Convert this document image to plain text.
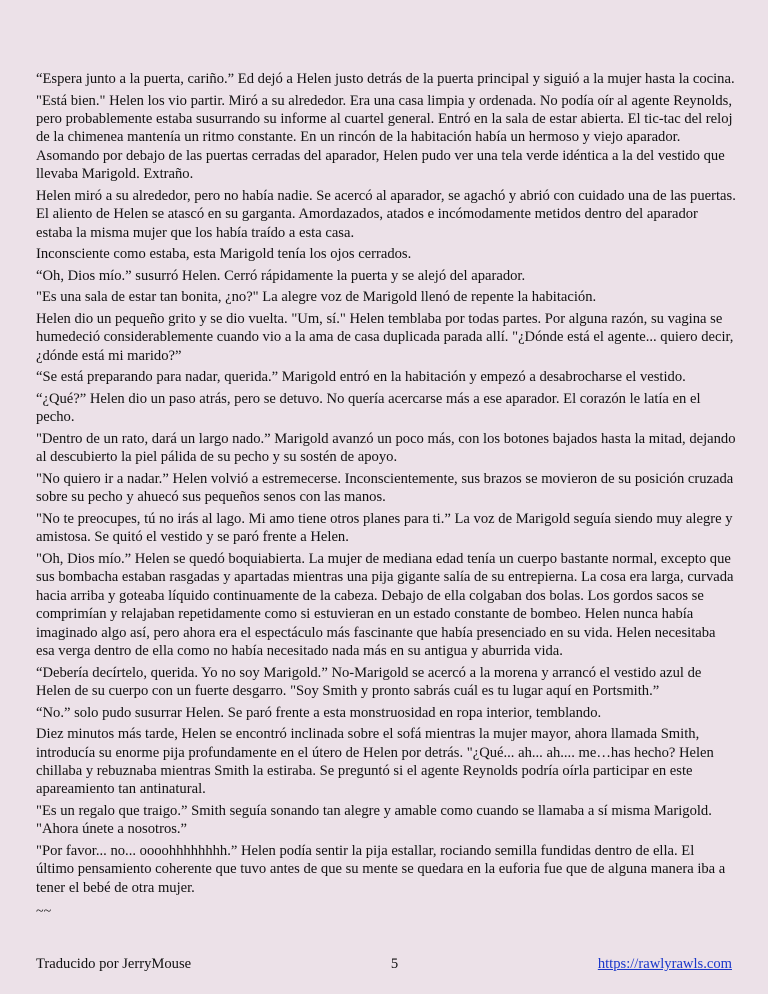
“Espera junto a la puerta, cariño.” Ed dejó a Helen justo detrás de la puerta principal y siguió a la mujer hasta la cocina.

"Está bien." Helen los vio partir. Miró a su alrededor. Era una casa limpia y ordenada. No podía oír al agente Reynolds, pero probablemente estaba susurrando su informe al cuartel general. Entró en la sala de estar abierta. El tic-tac del reloj de la chimenea mantenía un ritmo constante. En un rincón de la habitación había un hermoso y viejo aparador. Asomando por debajo de las puertas cerradas del aparador, Helen pudo ver una tela verde idéntica a la del vestido que llevaba Marigold. Extraño.

Helen miró a su alrededor, pero no había nadie. Se acercó al aparador, se agachó y abrió con cuidado una de las puertas. El aliento de Helen se atascó en su garganta. Amordazados, atados e incómodamente metidos dentro del aparador estaba la misma mujer que los había traído a esta casa.

Inconsciente como estaba, esta Marigold tenía los ojos cerrados.

“Oh, Dios mío.” susurró Helen. Cerró rápidamente la puerta y se alejó del aparador.

"Es una sala de estar tan bonita, ¿no?" La alegre voz de Marigold llenó de repente la habitación.

Helen dio un pequeño grito y se dio vuelta. "Um, sí." Helen temblaba por todas partes. Por alguna razón, su vagina se humedeció considerablemente cuando vio a la ama de casa duplicada parada allí. "¿Dónde está el agente... quiero decir, ¿dónde está mi marido?”

“Se está preparando para nadar, querida.” Marigold entró en la habitación y empezó a desabrocharse el vestido.

“¿Qué?” Helen dio un paso atrás, pero se detuvo. No quería acercarse más a ese aparador. El corazón le latía en el pecho.

"Dentro de un rato, dará un largo nado.” Marigold avanzó un poco más, con los botones bajados hasta la mitad, dejando al descubierto la piel pálida de su pecho y su sostén de apoyo.

"No quiero ir a nadar.” Helen volvió a estremecerse. Inconscientemente, sus brazos se movieron de su posición cruzada sobre su pecho y ahuecó sus pequeños senos con las manos.

"No te preocupes, tú no irás al lago. Mi amo tiene otros planes para ti.” La voz de Marigold seguía siendo muy alegre y amistosa. Se quitó el vestido y se paró frente a Helen.

"Oh, Dios mío.” Helen se quedó boquiabierta. La mujer de mediana edad tenía un cuerpo bastante normal, excepto que sus bombacha estaban rasgadas y apartadas mientras una pija gigante salía de su entrepierna. La cosa era larga, curvada hacia arriba y goteaba líquido continuamente de la cabeza. Debajo de ella colgaban dos bolas. Los gordos sacos se comprimían y relajaban repetidamente como si estuvieran en un estado constante de bombeo. Helen nunca había imaginado algo así, pero ahora era el espectáculo más fascinante que había presenciado en su vida. Helen necesitaba esa verga dentro de ella como no había necesitado nada más en su antigua y aburrida vida.

“Debería decírtelo, querida. Yo no soy Marigold.” No-Marigold se acercó a la morena y arrancó el vestido azul de Helen de su cuerpo con un fuerte desgarro. "Soy Smith y pronto sabrás cuál es tu lugar aquí en Portsmith.”

“No.” solo pudo susurrar Helen. Se paró frente a esta monstruosidad en ropa interior, temblando.

Diez minutos más tarde, Helen se encontró inclinada sobre el sofá mientras la mujer mayor, ahora llamada Smith, introducía su enorme pija profundamente en el útero de Helen por detrás. "¿Qué... ah... ah.... me…has hecho? Helen chillaba y rebuznaba mientras Smith la estiraba. Se preguntó si el agente Reynolds podría oírla participar en este apareamiento tan antinatural.

"Es un regalo que traigo.” Smith seguía sonando tan alegre y amable como cuando se llamaba a sí misma Marigold. "Ahora únete a nosotros.”

"Por favor... no... oooohhhhhhhh.” Helen podía sentir la pija estallar, rociando semilla fundidas dentro de ella. El último pensamiento coherente que tuvo antes de que su mente se quedara en la euforia fue que de alguna manera iba a tener el bebé de otra mujer.

~~
Traducido por JerryMouse	5	https://rawlyrawls.com
